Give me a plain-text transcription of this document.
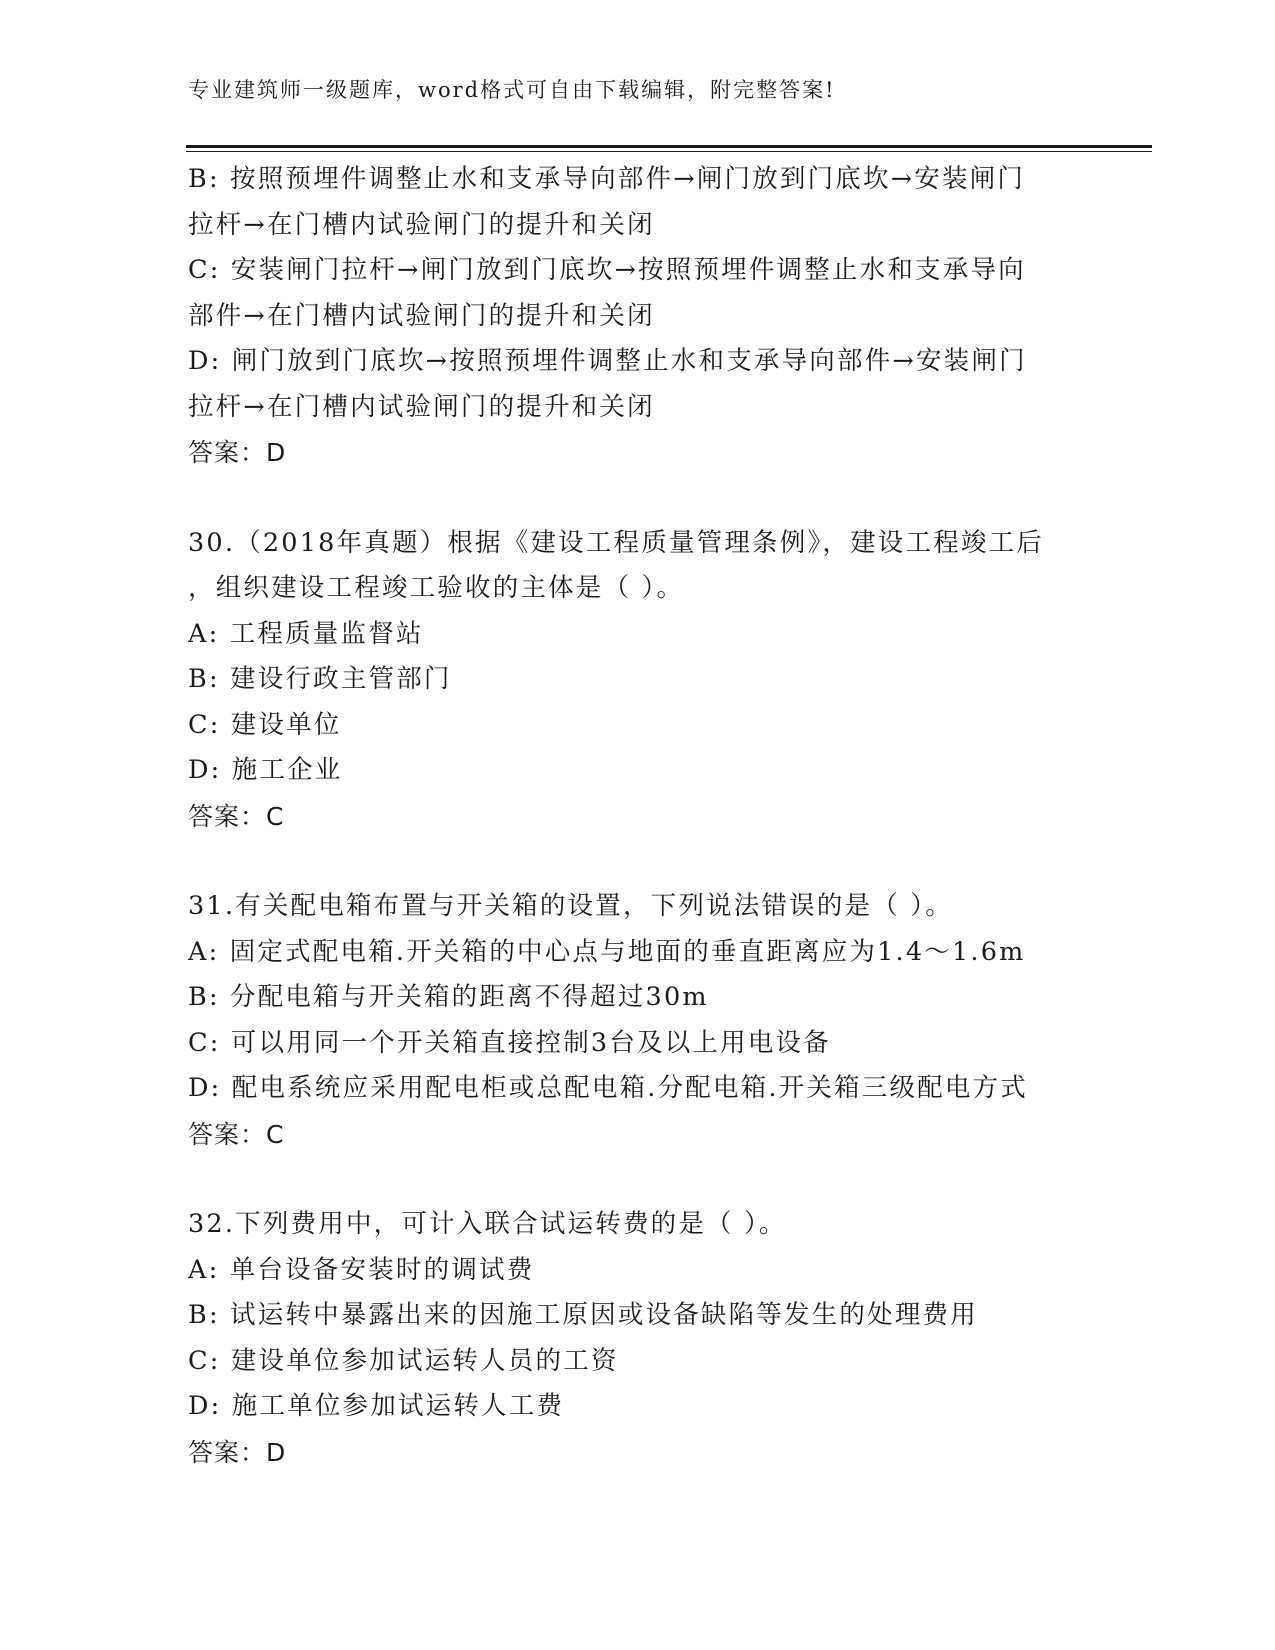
专业建筑师一级题库，word格式可自由下载编辑，附完整答案!
B: 按照预埋件调整止水和支承导向部件→闸门放到门底坎→安装闸门
拉杆→在门槽内试验闸门的提升和关闭
C: 安装闸门拉杆→闸门放到门底坎→按照预埋件调整止水和支承导向
部件→在门槽内试验闸门的提升和关闭
D: 闸门放到门底坎→按照预埋件调整止水和支承导向部件→安装闸门
拉杆→在门槽内试验闸门的提升和关闭
答案：D
30.（2018年真题）根据《建设工程质量管理条例》，建设工程竣工后
，组织建设工程竣工验收的主体是（ ）。
A: 工程质量监督站
B: 建设行政主管部门
C: 建设单位
D: 施工企业
答案：C
31.有关配电箱布置与开关箱的设置，下列说法错误的是（ ）。
A: 固定式配电箱.开关箱的中心点与地面的垂直距离应为1.4～1.6m
B: 分配电箱与开关箱的距离不得超过30m
C: 可以用同一个开关箱直接控制3台及以上用电设备
D: 配电系统应采用配电柜或总配电箱.分配电箱.开关箱三级配电方式
答案：C
32.下列费用中，可计入联合试运转费的是（ ）。
A: 单台设备安装时的调试费
B: 试运转中暴露出来的因施工原因或设备缺陷等发生的处理费用
C: 建设单位参加试运转人员的工资
D: 施工单位参加试运转人工费
答案：D
